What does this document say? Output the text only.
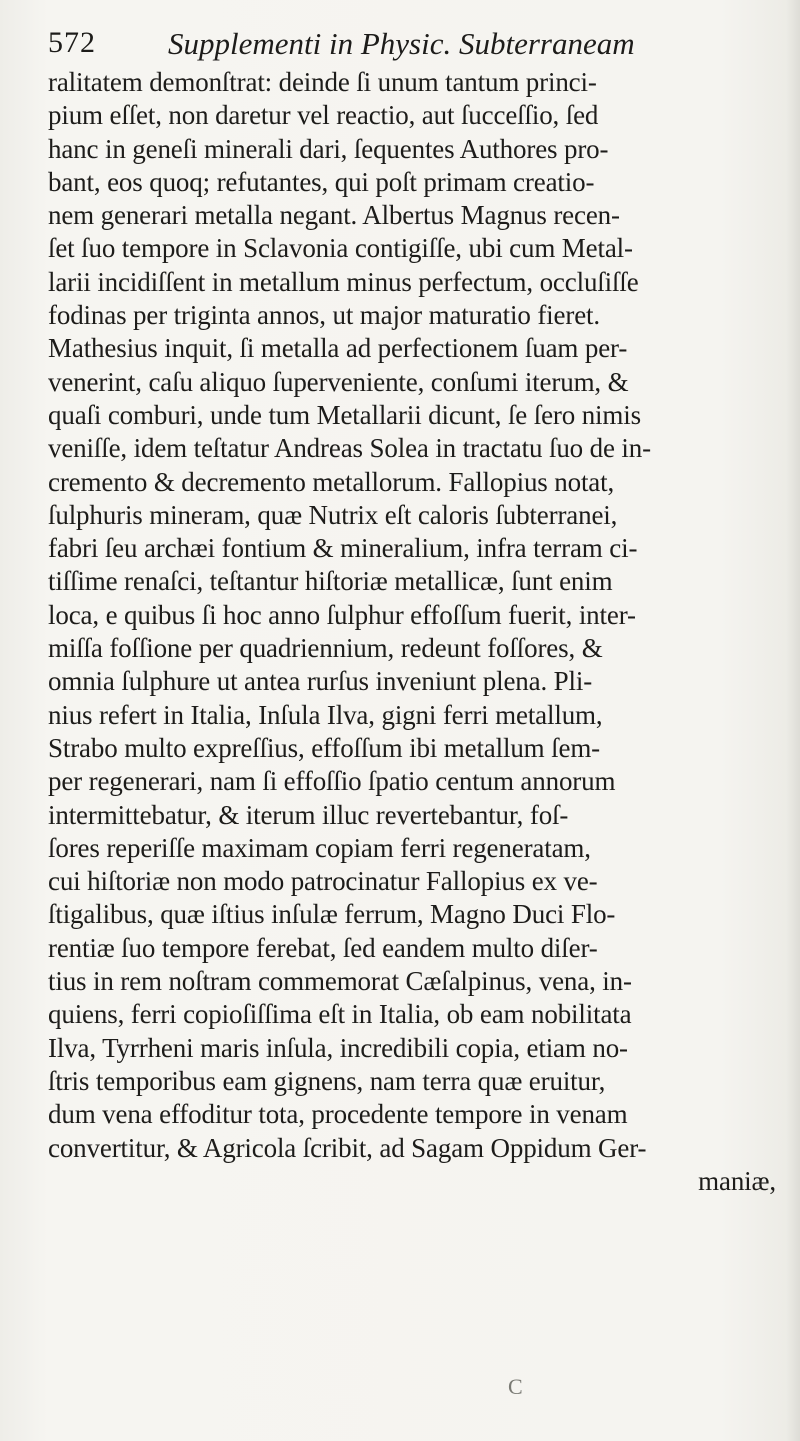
572 Supplementi in Physic. Subterraneam
ralitatem demonſtrat: deinde ſi unum tantum princi-
pium eſſet, non daretur vel reactio, aut ſucceſſio, ſed
hanc in geneſi minerali dari, ſequentes Authores pro-
bant, eos quoq; refutantes, qui poſt primam creatio-
nem generari metalla negant. Albertus Magnus recen-
ſet ſuo tempore in Sclavonia contigiſſe, ubi cum Metal-
larii incidiſſent in metallum minus perfectum, occluſiſſe
fodinas per triginta annos, ut major maturatio fieret.
Mathesius inquit, ſi metalla ad perfectionem ſuam per-
venerint, caſu aliquo ſuperveniente, conſumi iterum, &
quaſi comburi, unde tum Metallarii dicunt, ſe ſero nimis
veniſſe, idem teſtatur Andreas Solea in tractatu ſuo de in-
cremento & decremento metallorum. Fallopius notat,
ſulphuris mineram, quæ Nutrix eſt caloris ſubterranei,
fabri ſeu archæi fontium & mineralium, infra terram ci-
tiſſime renaſci, teſtantur hiſtoriæ metallicæ, ſunt enim
loca, e quibus ſi hoc anno ſulphur effoſſum fuerit, inter-
miſſa foſſione per quadriennium, redeunt foſſores, &
omnia ſulphure ut antea rurſus inveniunt plena. Pli-
nius refert in Italia, Inſula Ilva, gigni ferri metallum,
Strabo multo expreſſius, effoſſum ibi metallum ſem-
per regenerari, nam ſi effoſſio ſpatio centum annorum
intermittebatur, & iterum illuc revertebantur, foſ-
ſores reperiſſe maximam copiam ferri regeneratam,
cui hiſtoriæ non modo patrocinatur Fallopius ex ve-
ſtigalibus, quæ iſtius inſulæ ferrum, Magno Duci Flo-
rentiæ ſuo tempore ferebat, ſed eandem multo diſer-
tius in rem noſtram commemorat Cæſalpinus, vena, in-
quiens, ferri copioſiſſima eſt in Italia, ob eam nobilitata
Ilva, Tyrrheni maris inſula, incredibili copia, etiam no-
ſtris temporibus eam gignens, nam terra quæ eruitur,
dum vena effoditur tota, procedente tempore in venam
convertitur, & Agricola ſcribit, ad Sagam Oppidum Ger-
maniæ,
C
